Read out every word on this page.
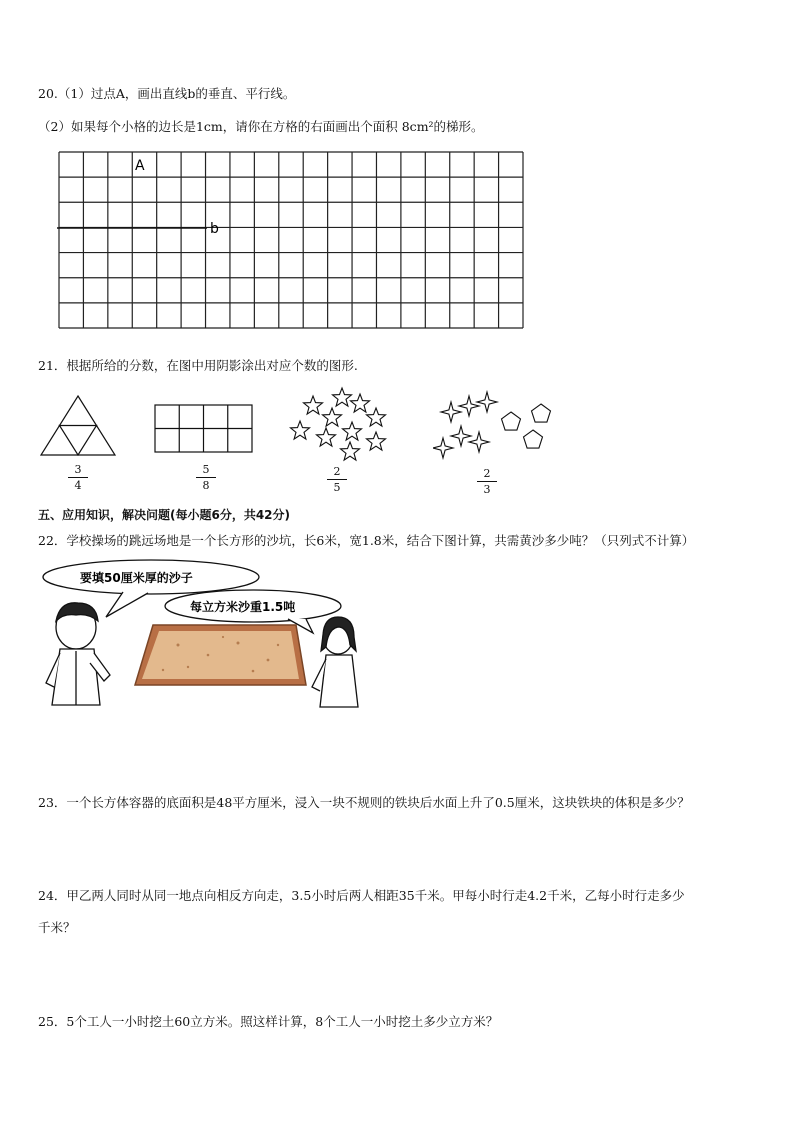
20.（1）过点A，画出直线b的垂直、平行线。
（2）如果每个小格的边长是1cm，请你在方格的右面画出个面积 8cm²的梯形。
A
b
21．根据所给的分数，在图中用阴影涂出对应个数的图形.
3
4
5
8
2
5
2
3
五、应用知识，解决问题(每小题6分，共42分)
22．学校操场的跳远场地是一个长方形的沙坑，长6米，宽1.8米，结合下图计算，共需黄沙多少吨？（只列式不计算）
要填50厘米厚的沙子
每立方米沙重1.5吨
23．一个长方体容器的底面积是48平方厘米，浸入一块不规则的铁块后水面上升了0.5厘米，这块铁块的体积是多少？
24．甲乙两人同时从同一地点向相反方向走，3.5小时后两人相距35千米。甲每小时行走4.2千米，乙每小时行走多少
千米？
25．5个工人一小时挖土60立方米。照这样计算，8个工人一小时挖土多少立方米？
